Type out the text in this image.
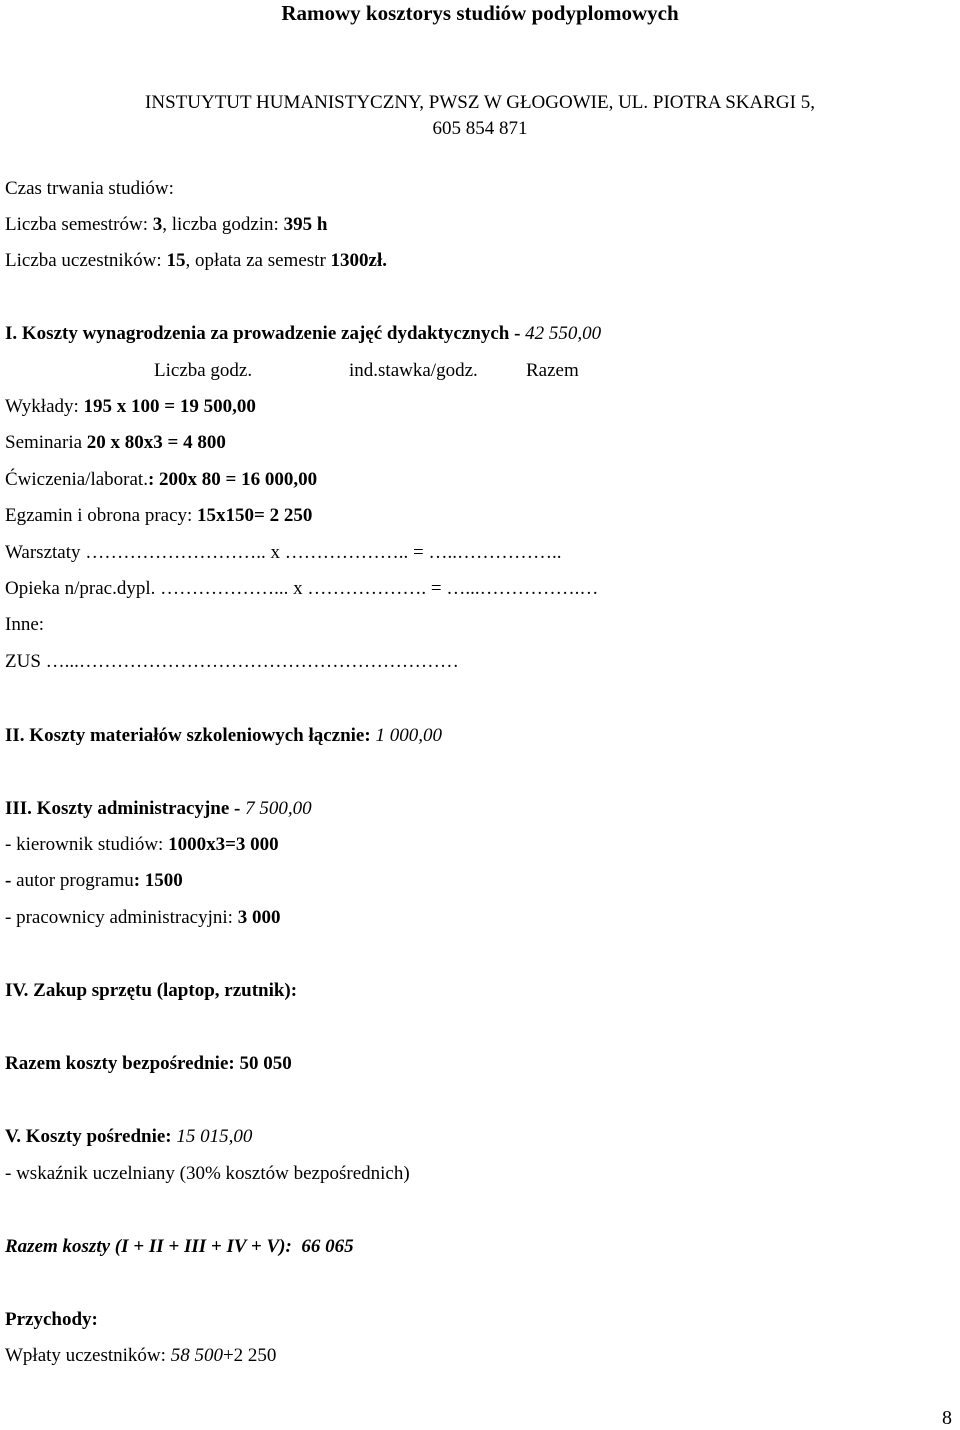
Ramowy kosztorys studiów podyplomowych
INSTUYTUT HUMANISTYCZNY, PWSZ W GŁOGOWIE, UL. PIOTRA SKARGI 5,
605 854 871
Czas trwania studiów:
Liczba semestrów: 3, liczba godzin: 395 h
Liczba uczestników: 15, opłata za semestr 1300zł.
I. Koszty wynagrodzenia za prowadzenie zajęć dydaktycznych - 42 550,00
Liczba godz.	ind.stawka/godz.	Razem
Wykłady: 195 x 100 = 19 500,00
Seminaria 20 x 80x3 = 4 800
Ćwiczenia/laborat.: 200x 80 = 16 000,00
Egzamin i obrona pracy: 15x150= 2 250
Warsztaty ……………………….. x ……………….. = …..……………..
Opieka n/prac.dypl. ………………... x ………………. = …...…………….…
Inne:
ZUS …...……………………………………………………
II. Koszty materiałów szkoleniowych łącznie: 1 000,00
III. Koszty administracyjne - 7 500,00
- kierownik studiów: 1000x3=3 000
- autor programu: 1500
- pracownicy administracyjni: 3 000
IV. Zakup sprzętu (laptop, rzutnik):
Razem koszty bezpośrednie: 50 050
V. Koszty pośrednie: 15 015,00
- wskaźnik uczelniany (30% kosztów bezpośrednich)
Razem koszty (I + II + III + IV + V):  66 065
Przychody:
Wpłaty uczestników: 58 500+2 250
8
